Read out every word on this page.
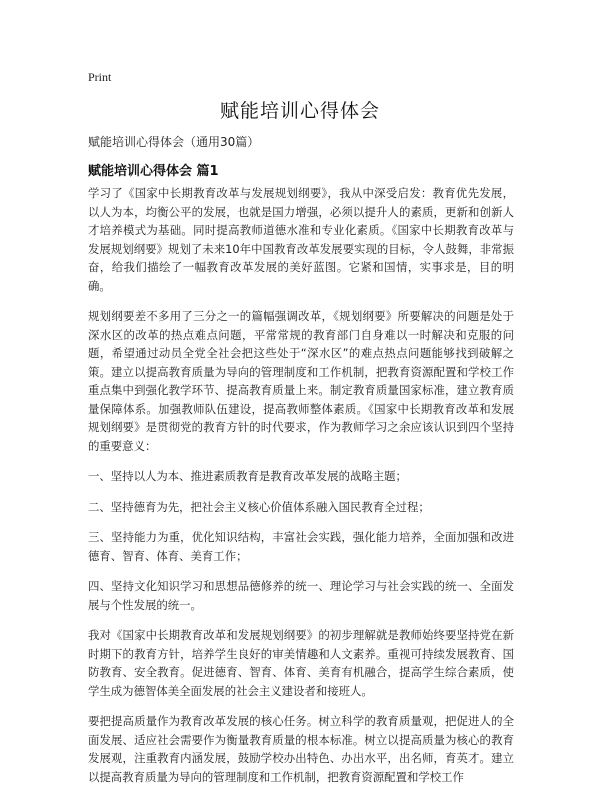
Print
赋能培训心得体会
赋能培训心得体会（通用30篇）
赋能培训心得体会 篇1

学习了《国家中长期教育改革与发展规划纲要》，我从中深受启发：教育优先发展，以人为本，均衡公平的发展，也就是国力增强，必须以提升人的素质，更新和创新人才培养模式为基础。同时提高教师道德水准和专业化素质。《国家中长期教育改革与发展规划纲要》规划了未来10年中国教育改革发展要实现的目标，令人鼓舞，非常振奋，给我们描绘了一幅教育改革发展的美好蓝图。它紧和国情，实事求是，目的明确。

规划纲要差不多用了三分之一的篇幅强调改革，《规划纲要》所要解决的问题是处于深水区的改革的热点难点问题，平常常规的教育部门自身难以一时解决和克服的问题，希望通过动员全党全社会把这些处于“深水区”的难点热点问题能够找到破解之策。建立以提高教育质量为导向的管理制度和工作机制，把教育资源配置和学校工作重点集中到强化教学环节、提高教育质量上来。制定教育质量国家标准，建立教育质量保障体系。加强教师队伍建设，提高教师整体素质。《国家中长期教育改革和发展规划纲要》是贯彻党的教育方针的时代要求，作为教师学习之余应该认识到四个坚持的重要意义：

一、坚持以人为本、推进素质教育是教育改革发展的战略主题；

二、坚持德育为先，把社会主义核心价值体系融入国民教育全过程；

三、坚持能力为重，优化知识结构，丰富社会实践，强化能力培养，全面加强和改进德育、智育、体育、美育工作；

四、坚持文化知识学习和思想品德修养的统一、理论学习与社会实践的统一、全面发展与个性发展的统一。

我对《国家中长期教育改革和发展规划纲要》的初步理解就是教师始终要坚持党在新时期下的教育方针，培养学生良好的审美情趣和人文素养。重视可持续发展教育、国防教育、安全教育。促进德育、智育、体育、美育有机融合，提高学生综合素质，使学生成为德智体美全面发展的社会主义建设者和接班人。

要把提高质量作为教育改革发展的核心任务。树立科学的教育质量观，把促进人的全面发展、适应社会需要作为衡量教育质量的根本标准。树立以提高质量为核心的教育发展观，注重教育内涵发展，鼓励学校办出特色、办出水平，出名师，育英才。建立以提高教育质量为导向的管理制度和工作机制，把教育资源配置和学校工作
